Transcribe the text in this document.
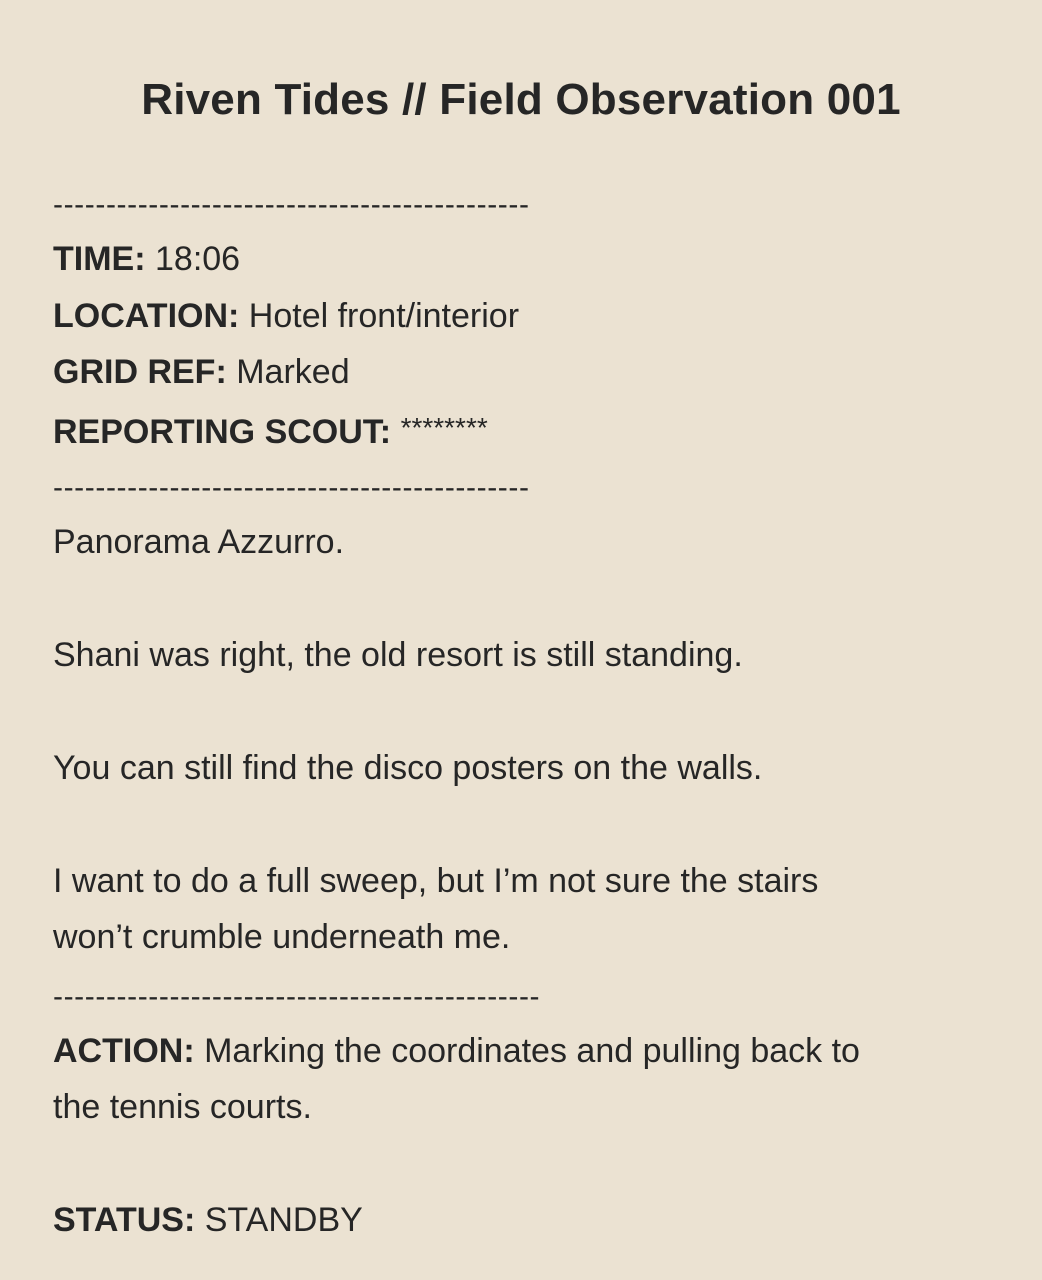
Riven Tides // Field Observation 001
---------------------------------------------

TIME: 18:06

LOCATION: Hotel front/interior

GRID REF: Marked

REPORTING SCOUT: ********

---------------------------------------------

Panorama Azzurro.

Shani was right, the old resort is still standing.

You can still find the disco posters on the walls.

I want to do a full sweep, but I’m not sure the stairs

won’t crumble underneath me.

----------------------------------------------

ACTION: Marking the coordinates and pulling back to

the tennis courts.

STATUS: STANDBY
